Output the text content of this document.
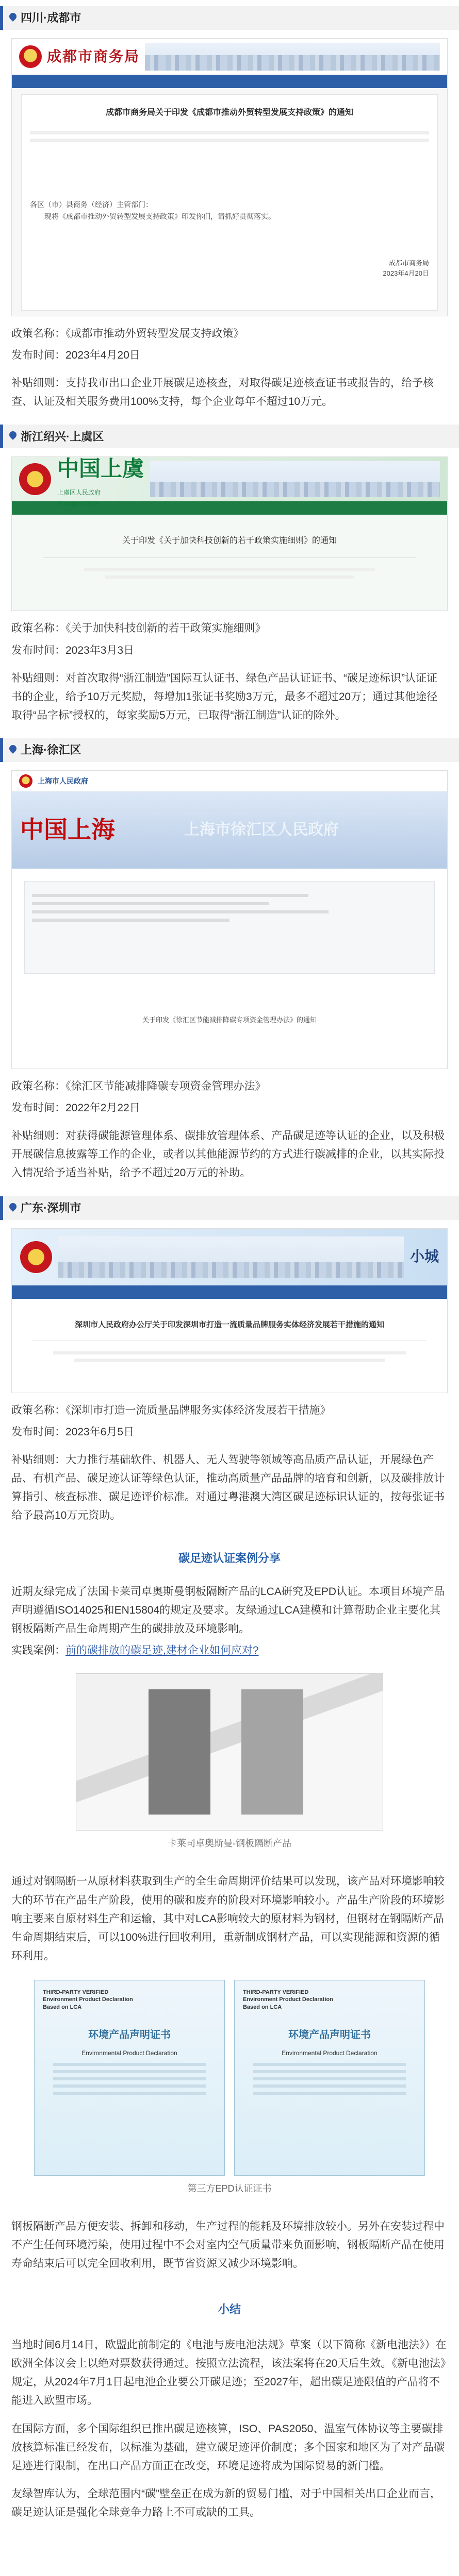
四川·成都市
成都市商务局
成都市商务局关于印发《成都市推动外贸转型发展支持政策》的通知
各区（市）县商务（经济）主管部门：
现将《成都市推动外贸转型发展支持政策》印发你们，请抓好贯彻落实。
成都市商务局
2023年4月20日

政策名称：《成都市推动外贸转型发展支持政策》

发布时间：2023年4月20日

补贴细则：支持我市出口企业开展碳足迹核查，对取得碳足迹核查证书或报告的，给予核查、认证及相关服务费用100%支持，每个企业每年不超过10万元。

浙江绍兴·上虞区
中国上虞
上虞区人民政府
Shangyu China
关于印发《关于加快科技创新的若干政策实施细则》的通知

政策名称：《关于加快科技创新的若干政策实施细则》

发布时间：2023年3月3日

补贴细则：对首次取得“浙江制造”国际互认证书、绿色产品认证证书、“碳足迹标识”认证证书的企业，给予10万元奖励，每增加1张证书奖励3万元，最多不超过20万；通过其他途径取得“品字标”授权的，每家奖励5万元，已取得“浙江制造”认证的除外。

上海·徐汇区
上海市人民政府
中国上海	上海市徐汇区人民政府
关于印发《徐汇区节能减排降碳专项资金管理办法》的通知

政策名称：《徐汇区节能减排降碳专项资金管理办法》

发布时间：2022年2月22日

补贴细则：对获得碳能源管理体系、碳排放管理体系、产品碳足迹等认证的企业，以及积极开展碳信息披露等工作的企业，或者以其他能源节约的方式进行碳减排的企业，以其实际投入情况给予适当补贴，给予不超过20万元的补助。

广东·深圳市
小城
深圳市人民政府办公厅关于印发深圳市打造一流质量品牌服务实体经济发展若干措施的通知

政策名称：《深圳市打造一流质量品牌服务实体经济发展若干措施》

发布时间：2023年6月5日

补贴细则：大力推行基础软件、机器人、无人驾驶等领域等高品质产品认证，开展绿色产品、有机产品、碳足迹认证等绿色认证，推动高质量产品品牌的培育和创新，以及碳排放计算指引、核查标准、碳足迹评价标准。对通过粤港澳大湾区碳足迹标识认证的，按每张证书给予最高10万元资助。

碳足迹认证案例分享

近期友绿完成了法国卡莱司卓奥斯曼钢板隔断产品的LCA研究及EPD认证。本项目环境产品声明遵循ISO14025和EN15804的规定及要求。友绿通过LCA建模和计算帮助企业主要化其钢板隔断产品生命周期产生的碳排放及环境影响。

实践案例：前的碳排放的碳足迹,建材企业如何应对?

卡莱司卓奥斯曼-钢板隔断产品

通过对钢隔断一从原材料获取到生产的全生命周期评价结果可以发现，该产品对环境影响较大的环节在产品生产阶段，使用的碳和废弃的阶段对环境影响较小。产品生产阶段的环境影响主要来自原材料生产和运输，其中对LCA影响较大的原材料为钢材，但钢材在钢隔断产品生命周期结束后，可以100%进行回收利用，重新制成钢材产品，可以实现能源和资源的循环利用。

THIRD-PARTY VERIFIED
Environment Product Declaration
Based on LCA
环境产品声明证书
Environmental Product Declaration
THIRD-PARTY VERIFIED
Environment Product Declaration
Based on LCA
环境产品声明证书
Environmental Product Declaration
第三方EPD认证证书

钢板隔断产品方便安装、拆卸和移动，生产过程的能耗及环境排放较小。另外在安装过程中不产生任何环境污染，使用过程中不会对室内空气质量带来负面影响，钢板隔断产品在使用寿命结束后可以完全回收利用，既节省资源又减少环境影响。

小结

当地时间6月14日，欧盟此前制定的《电池与废电池法规》草案（以下简称《新电池法》）在欧洲全体议会上以绝对票数获得通过。按照立法流程，该法案将在20天后生效。《新电池法》规定，从2024年7月1日起电池企业要公开碳足迹；至2027年，超出碳足迹限值的产品将不能进入欧盟市场。

在国际方面，多个国际组织已推出碳足迹核算，ISO、PAS2050、温室气体协议等主要碳排放核算标准已经发布，以标准为基础，建立碳足迹评价制度；多个国家和地区为了对产品碳足迹进行限制，在出口产品方面正在改变，环境足迹将成为国际贸易的新门槛。

友绿智库认为，全球范围内“碳”壁垒正在成为新的贸易门槛，对于中国相关出口企业而言，碳足迹认证是强化全球竞争力路上不可或缺的工具。
